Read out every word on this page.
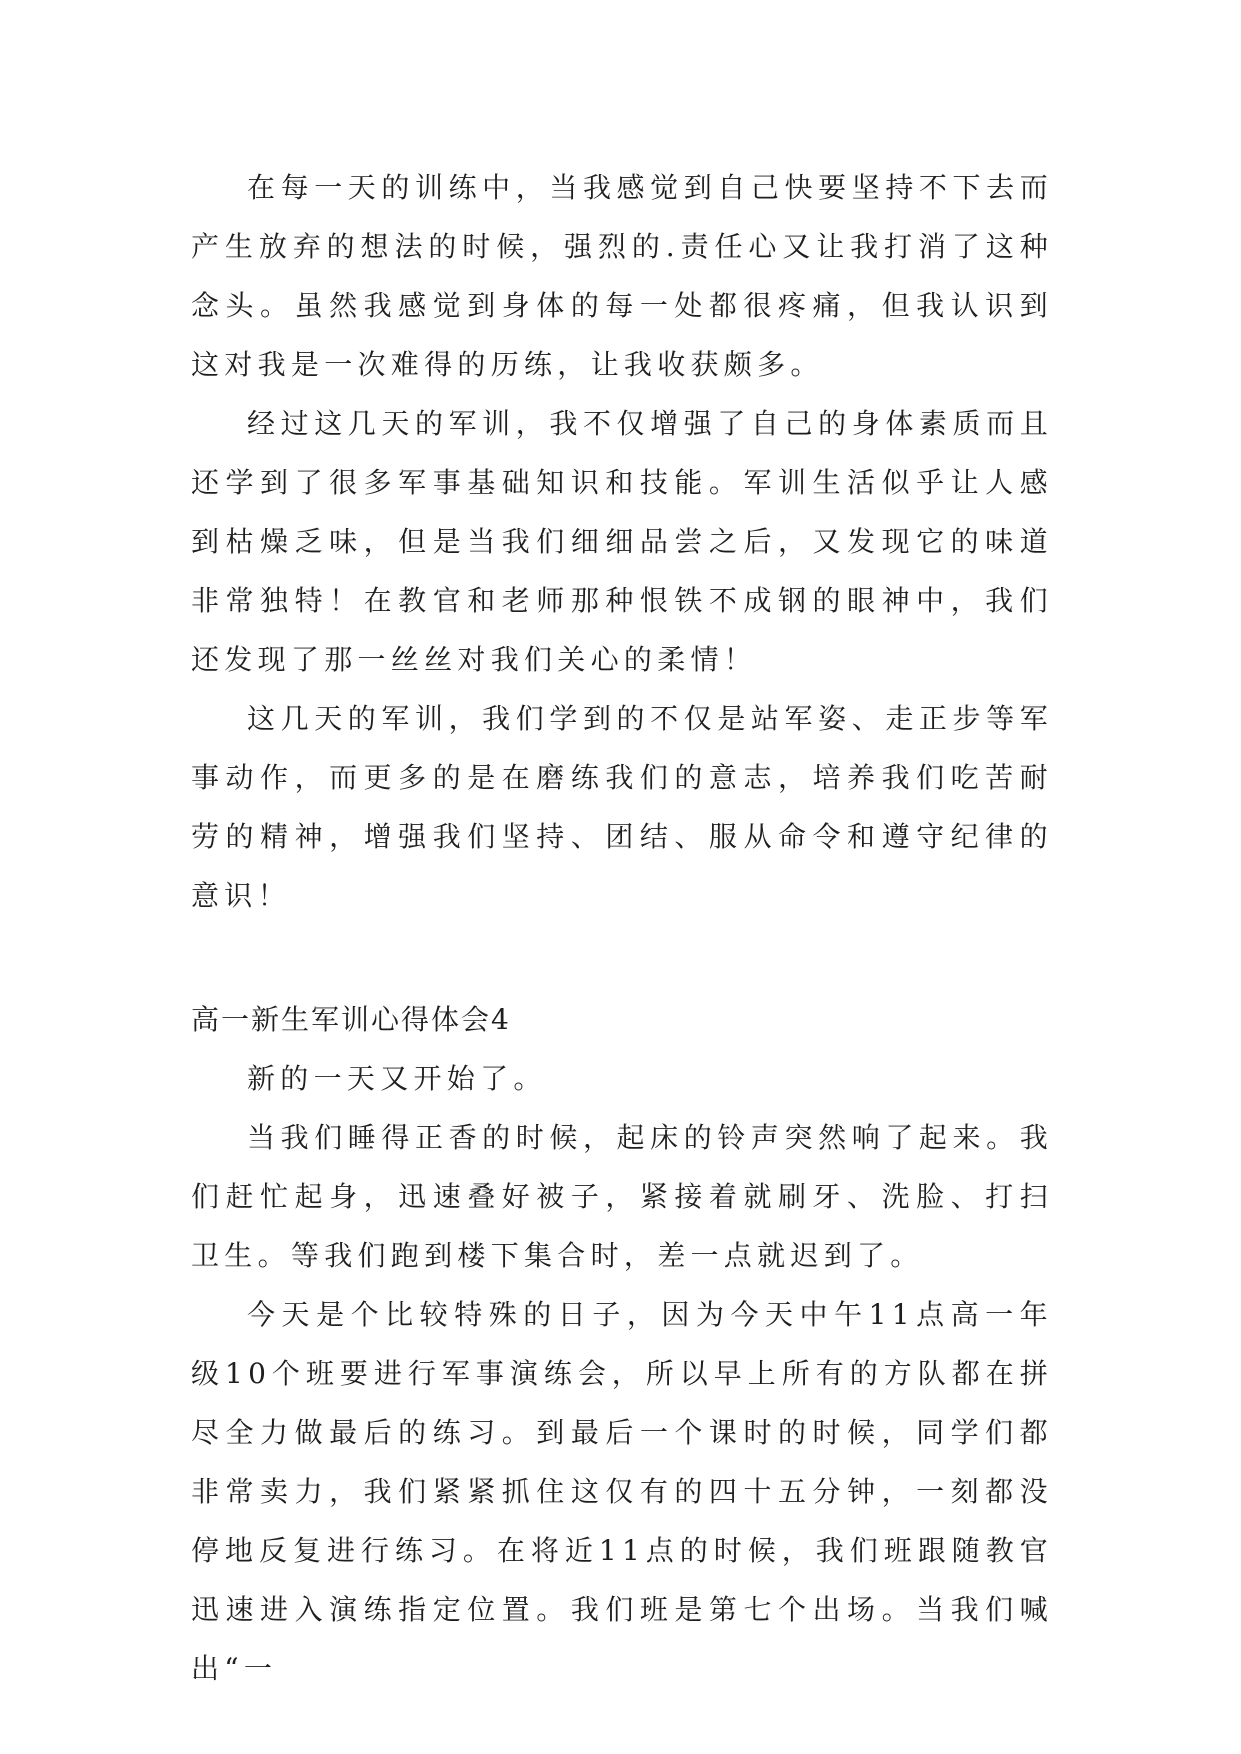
在每一天的训练中，当我感觉到自己快要坚持不下去而产生放弃的想法的时候，强烈的.责任心又让我打消了这种念头。虽然我感觉到身体的每一处都很疼痛，但我认识到这对我是一次难得的历练，让我收获颇多。

经过这几天的军训，我不仅增强了自己的身体素质而且还学到了很多军事基础知识和技能。军训生活似乎让人感到枯燥乏味，但是当我们细细品尝之后，又发现它的味道非常独特！在教官和老师那种恨铁不成钢的眼神中，我们还发现了那一丝丝对我们关心的柔情！

这几天的军训，我们学到的不仅是站军姿、走正步等军事动作，而更多的是在磨练我们的意志，培养我们吃苦耐劳的精神，增强我们坚持、团结、服从命令和遵守纪律的意识！

高一新生军训心得体会4

新的一天又开始了。

当我们睡得正香的时候，起床的铃声突然响了起来。我们赶忙起身，迅速叠好被子，紧接着就刷牙、洗脸、打扫卫生。等我们跑到楼下集合时，差一点就迟到了。

今天是个比较特殊的日子，因为今天中午11点高一年级10个班要进行军事演练会，所以早上所有的方队都在拼尽全力做最后的练习。到最后一个课时的时候，同学们都非常卖力，我们紧紧抓住这仅有的四十五分钟，一刻都没停地反复进行练习。在将近11点的时候，我们班跟随教官迅速进入演练指定位置。我们班是第七个出场。当我们喊出“一
